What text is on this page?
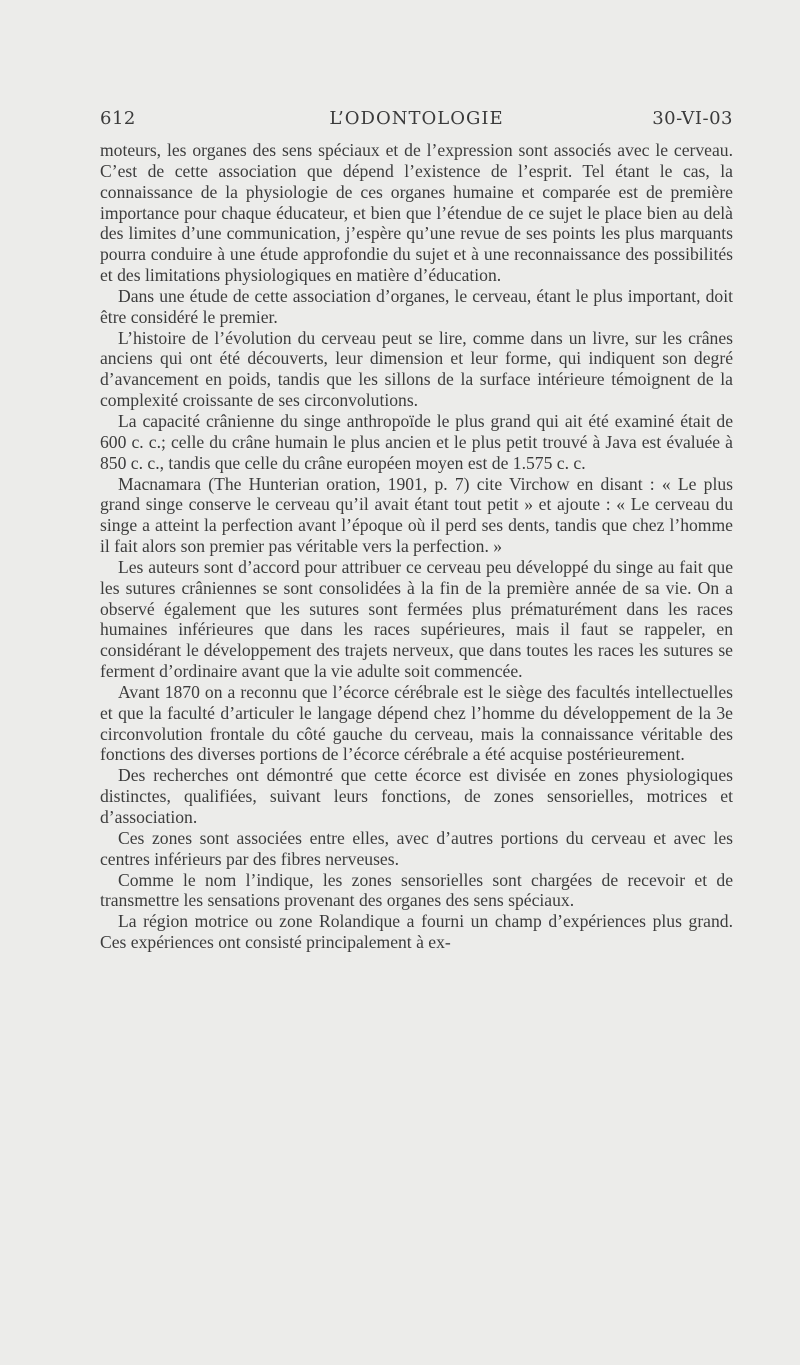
612	L’ODONTOLOGIE	30-VI-03

moteurs, les organes des sens spéciaux et de l’expression sont associés avec le cerveau. C’est de cette association que dépend l’existence de l’esprit. Tel étant le cas, la connaissance de la physiologie de ces organes humaine et comparée est de première importance pour chaque éducateur, et bien que l’étendue de ce sujet le place bien au delà des limites d’une communication, j’espère qu’une revue de ses points les plus marquants pourra conduire à une étude approfondie du sujet et à une reconnaissance des possibilités et des limitations physiologiques en matière d’éducation.

Dans une étude de cette association d’organes, le cerveau, étant le plus important, doit être considéré le premier.

L’histoire de l’évolution du cerveau peut se lire, comme dans un livre, sur les crânes anciens qui ont été découverts, leur dimension et leur forme, qui indiquent son degré d’avancement en poids, tandis que les sillons de la surface intérieure témoignent de la complexité croissante de ses circonvolutions.

La capacité crânienne du singe anthropoïde le plus grand qui ait été examiné était de 600 c. c.; celle du crâne humain le plus ancien et le plus petit trouvé à Java est évaluée à 850 c. c., tandis que celle du crâne européen moyen est de 1.575 c. c.

Macnamara (The Hunterian oration, 1901, p. 7) cite Virchow en disant : « Le plus grand singe conserve le cerveau qu’il avait étant tout petit » et ajoute : « Le cerveau du singe a atteint la perfection avant l’époque où il perd ses dents, tandis que chez l’homme il fait alors son premier pas véritable vers la perfection. »

Les auteurs sont d’accord pour attribuer ce cerveau peu développé du singe au fait que les sutures crâniennes se sont consolidées à la fin de la première année de sa vie. On a observé également que les sutures sont fermées plus prématurément dans les races humaines inférieures que dans les races supérieures, mais il faut se rappeler, en considérant le développement des trajets nerveux, que dans toutes les races les sutures se ferment d’ordinaire avant que la vie adulte soit commencée.

Avant 1870 on a reconnu que l’écorce cérébrale est le siège des facultés intellectuelles et que la faculté d’articuler le langage dépend chez l’homme du développement de la 3e circonvolution frontale du côté gauche du cerveau, mais la connaissance véritable des fonctions des diverses portions de l’écorce cérébrale a été acquise postérieurement.

Des recherches ont démontré que cette écorce est divisée en zones physiologiques distinctes, qualifiées, suivant leurs fonctions, de zones sensorielles, motrices et d’association.

Ces zones sont associées entre elles, avec d’autres portions du cerveau et avec les centres inférieurs par des fibres nerveuses.

Comme le nom l’indique, les zones sensorielles sont chargées de recevoir et de transmettre les sensations provenant des organes des sens spéciaux.

La région motrice ou zone Rolandique a fourni un champ d’expériences plus grand. Ces expériences ont consisté principalement à ex-
